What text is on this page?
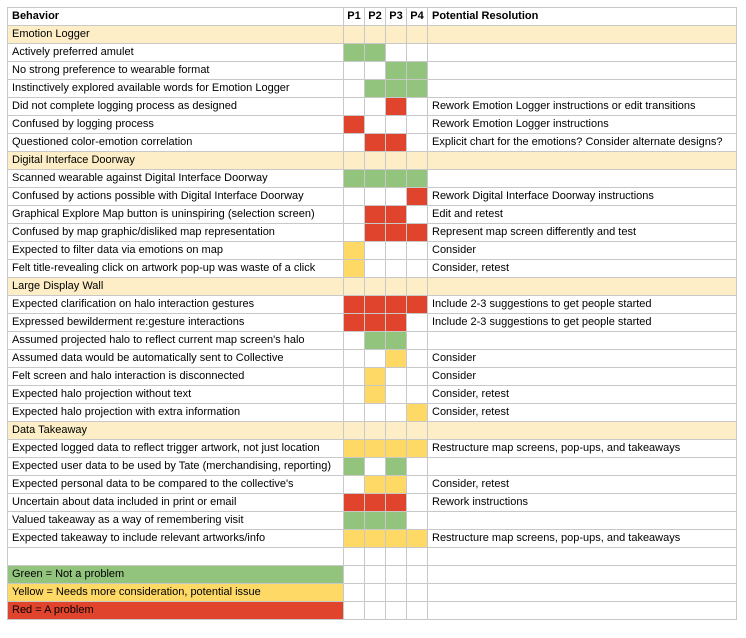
Behavior	P1	P2	P3	P4	Potential Resolution
Emotion Logger					
Actively preferred amulet					
No strong preference to wearable format					
Instinctively explored available words for Emotion Logger					
Did not complete logging process as designed					Rework Emotion Logger instructions or edit transitions
Confused by logging process					Rework Emotion Logger instructions
Questioned color-emotion correlation					Explicit chart for the emotions? Consider alternate designs?
Digital Interface Doorway					
Scanned wearable against Digital Interface Doorway					
Confused by actions possible with Digital Interface Doorway					Rework Digital Interface Doorway instructions
Graphical Explore Map button is uninspiring (selection screen)					Edit and retest
Confused by map graphic/disliked map representation					Represent map screen differently and test
Expected to filter data via emotions on map					Consider
Felt title-revealing click on artwork pop-up was waste of a click					Consider, retest
Large Display Wall					
Expected clarification on halo interaction gestures					Include 2-3 suggestions to get people started
Expressed bewilderment re:gesture interactions					Include 2-3 suggestions to get people started
Assumed projected halo to reflect current map screen's halo					
Assumed data would be automatically sent to Collective					Consider
Felt screen and halo interaction is disconnected					Consider
Expected halo projection without text					Consider, retest
Expected halo projection with extra information					Consider, retest
Data Takeaway					
Expected logged data to reflect trigger artwork, not just location					Restructure map screens, pop-ups, and takeaways
Expected user data to be used by Tate (merchandising, reporting)					
Expected personal data to be compared to the collective's					Consider, retest
Uncertain about data included in print or email					Rework instructions
Valued takeaway as a way of remembering visit					
Expected takeaway to include relevant artworks/info					Restructure map screens, pop-ups, and takeaways

Green = Not a problem					
Yellow = Needs more consideration, potential issue					
Red = A problem					
